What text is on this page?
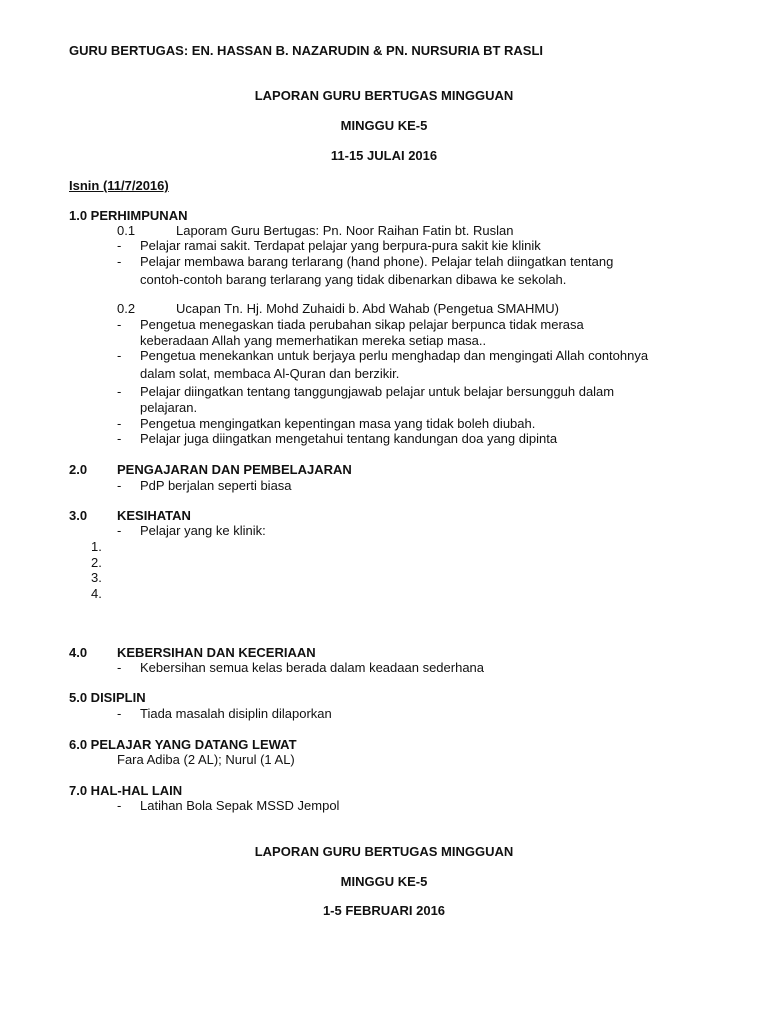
GURU BERTUGAS: EN. HASSAN B. NAZARUDIN & PN. NURSURIA BT RASLI
LAPORAN GURU BERTUGAS MINGGUAN
MINGGU KE-5
11-15 JULAI 2016
Isnin (11/7/2016)
1.0 PERHIMPUNAN
0.1	Laporam Guru Bertugas: Pn. Noor Raihan Fatin bt. Ruslan
- Pelajar ramai sakit. Terdapat pelajar yang berpura-pura sakit kie klinik
- Pelajar membawa barang terlarang (hand phone). Pelajar telah diingatkan tentang
contoh-contoh barang terlarang yang tidak dibenarkan dibawa ke sekolah.
0.2	Ucapan Tn. Hj. Mohd Zuhaidi b. Abd Wahab (Pengetua SMAHMU)
- Pengetua menegaskan tiada perubahan sikap pelajar berpunca tidak merasa
keberadaan Allah yang memerhatikan mereka setiap masa..
- Pengetua menekankan untuk berjaya perlu menghadap dan mengingati Allah contohnya
dalam solat, membaca Al-Quran dan berzikir.
- Pelajar diingatkan tentang tanggungjawab pelajar untuk belajar bersungguh dalam
pelajaran.
- Pengetua mengingatkan kepentingan masa yang tidak boleh diubah.
- Pelajar juga diingatkan mengetahui tentang kandungan doa yang dipinta
2.0 PENGAJARAN DAN PEMBELAJARAN
- PdP berjalan seperti biasa
3.0 KESIHATAN
- Pelajar yang ke klinik:
1.
2.
3.
4.
4.0 KEBERSIHAN DAN KECERIAAN
- Kebersihan semua kelas berada dalam keadaan sederhana
5.0 DISIPLIN
- Tiada masalah disiplin dilaporkan
6.0 PELAJAR YANG DATANG LEWAT
Fara Adiba (2 AL); Nurul (1 AL)
7.0 HAL-HAL LAIN
- Latihan Bola Sepak MSSD Jempol
LAPORAN GURU BERTUGAS MINGGUAN
MINGGU KE-5
1-5 FEBRUARI 2016
